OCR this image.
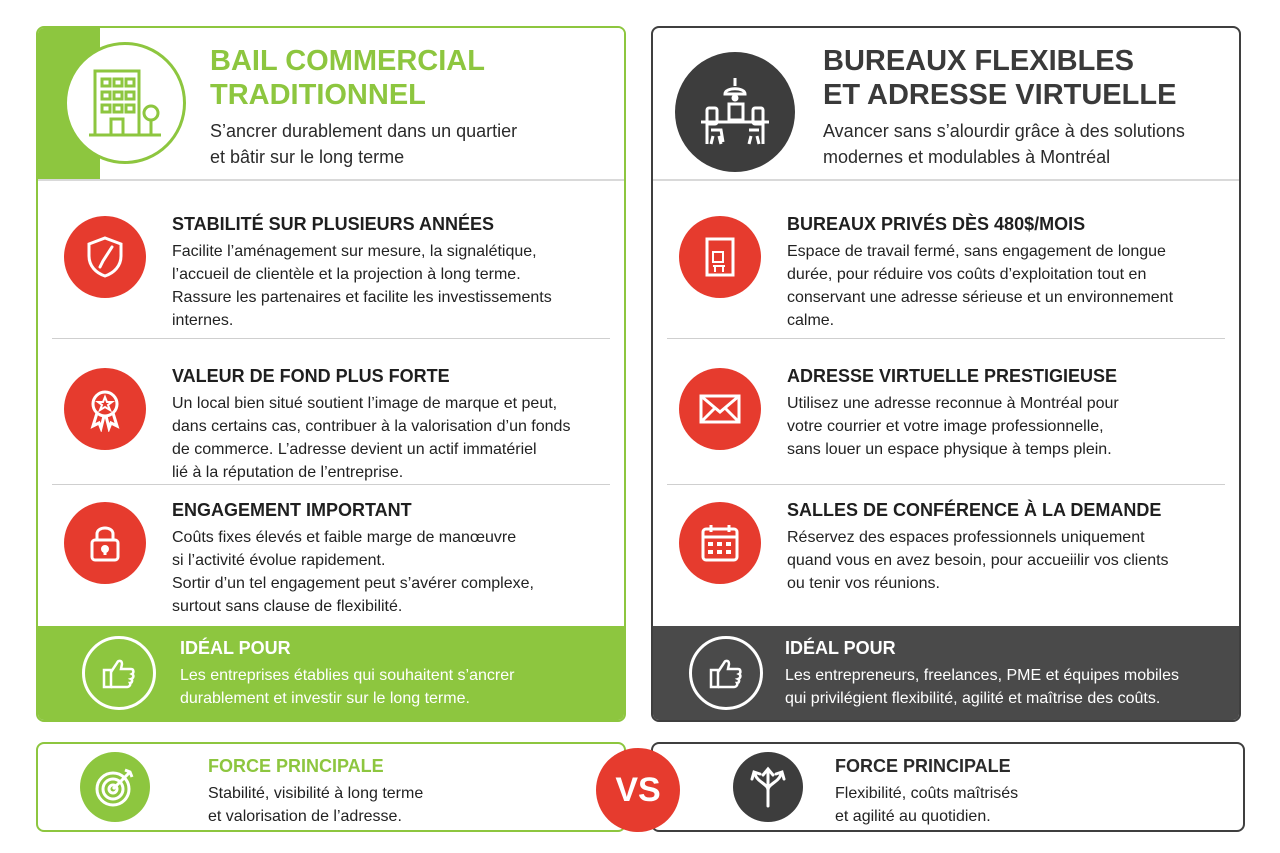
BAIL COMMERCIAL
TRADITIONNEL
S’ancrer durablement dans un quartier
et bâtir sur le long terme
STABILITÉ SUR PLUSIEURS ANNÉES
Facilite l’aménagement sur mesure, la signalétique,
l’accueil de clientèle et la projection à long terme.
Rassure les partenaires et facilite les investissements
internes.
VALEUR DE FOND PLUS FORTE
Un local bien situé soutient l’image de marque et peut,
dans certains cas, contribuer à la valorisation d’un fonds
de commerce. L’adresse devient un actif immatériel
lié à la réputation de l’entreprise.
ENGAGEMENT IMPORTANT
Coûts fixes élevés et faible marge de manœuvre
si l’activité évolue rapidement.
Sortir d’un tel engagement peut s’avérer complexe,
surtout sans clause de flexibilité.
IDÉAL POUR
Les entreprises établies qui souhaitent s’ancrer
durablement et investir sur le long terme.
BUREAUX FLEXIBLES
ET ADRESSE VIRTUELLE
Avancer sans s’alourdir grâce à des solutions
modernes et modulables à Montréal
BUREAUX PRIVÉS DÈS 480$/MOIS
Espace de travail fermé, sans engagement de longue
durée, pour réduire vos coûts d’exploitation tout en
conservant une adresse sérieuse et un environnement
calme.
ADRESSE VIRTUELLE PRESTIGIEUSE
Utilisez une adresse reconnue à Montréal pour
votre courrier et votre image professionnelle,
sans louer un espace physique à temps plein.
SALLES DE CONFÉRENCE À LA DEMANDE
Réservez des espaces professionnels uniquement
quand vous en avez besoin, pour accueiilir vos clients
ou tenir vos réunions.
IDÉAL POUR
Les entrepreneurs, freelances, PME et équipes mobiles
qui privilégient flexibilité, agilité et maîtrise des coûts.
FORCE PRINCIPALE
Stabilité, visibilité à long terme
et valorisation de l’adresse.
VS
FORCE PRINCIPALE
Flexibilité, coûts maîtrisés
et agilité au quotidien.
